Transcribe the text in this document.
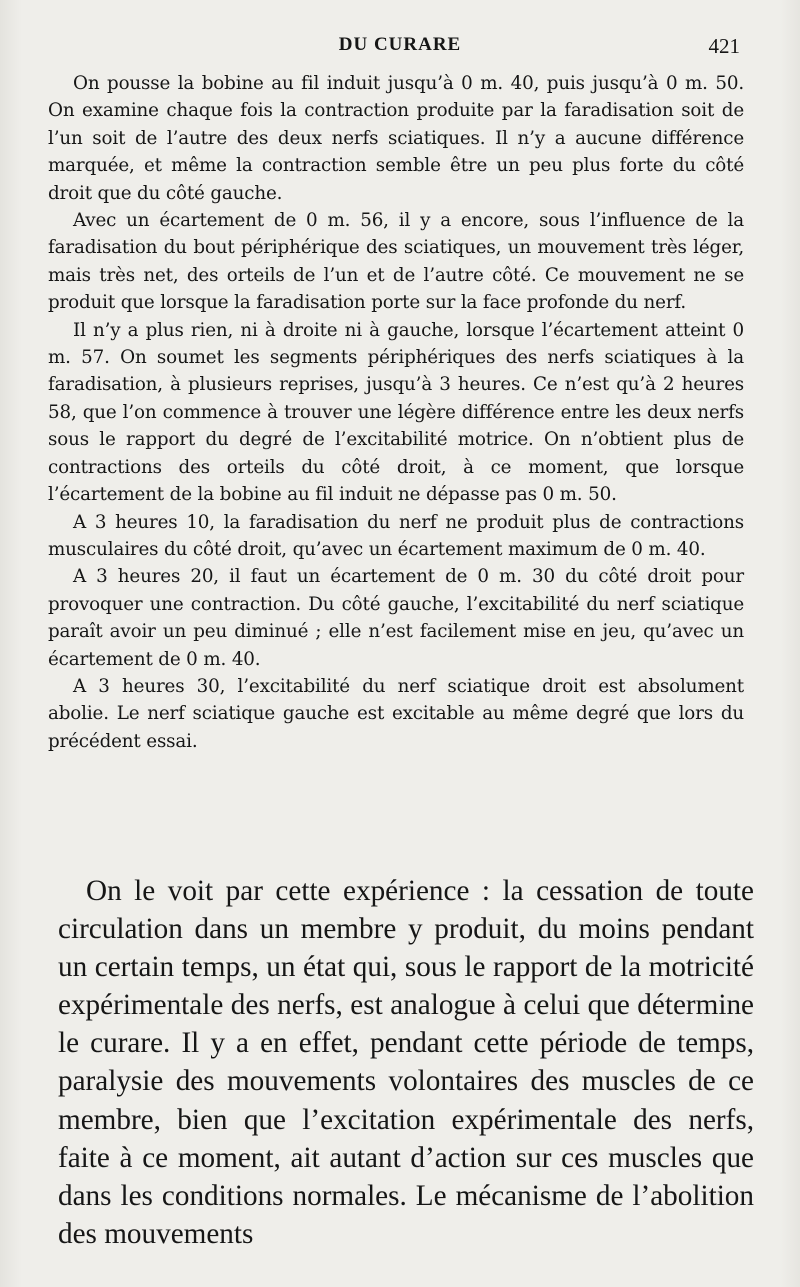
DU CURARE	421

On pousse la bobine au fil induit jusqu’à 0 m. 40, puis jusqu’à 0 m. 50. On examine chaque fois la contraction produite par la faradisation soit de l’un soit de l’autre des deux nerfs sciatiques. Il n’y a aucune différence marquée, et même la contraction semble être un peu plus forte du côté droit que du côté gauche.

Avec un écartement de 0 m. 56, il y a encore, sous l’influence de la faradisation du bout périphérique des sciatiques, un mouvement très léger, mais très net, des orteils de l’un et de l’autre côté. Ce mouvement ne se produit que lorsque la faradisation porte sur la face profonde du nerf.

Il n’y a plus rien, ni à droite ni à gauche, lorsque l’écartement atteint 0 m. 57. On soumet les segments périphériques des nerfs sciatiques à la faradisation, à plusieurs reprises, jusqu’à 3 heures. Ce n’est qu’à 2 heures 58, que l’on commence à trouver une légère différence entre les deux nerfs sous le rapport du degré de l’excitabilité motrice. On n’obtient plus de contractions des orteils du côté droit, à ce moment, que lorsque l’écartement de la bobine au fil induit ne dépasse pas 0 m. 50.

A 3 heures 10, la faradisation du nerf ne produit plus de contractions musculaires du côté droit, qu’avec un écartement maximum de 0 m. 40.

A 3 heures 20, il faut un écartement de 0 m. 30 du côté droit pour provoquer une contraction. Du côté gauche, l’excitabilité du nerf sciatique paraît avoir un peu diminué ; elle n’est facilement mise en jeu, qu’avec un écartement de 0 m. 40.

A 3 heures 30, l’excitabilité du nerf sciatique droit est absolument abolie. Le nerf sciatique gauche est excitable au même degré que lors du précédent essai.

On le voit par cette expérience : la cessation de toute circulation dans un membre y produit, du moins pendant un certain temps, un état qui, sous le rapport de la motricité expérimentale des nerfs, est analogue à celui que détermine le curare. Il y a en effet, pendant cette période de temps, paralysie des mouvements volontaires des muscles de ce membre, bien que l’excitation expérimentale des nerfs, faite à ce moment, ait autant d’action sur ces muscles que dans les conditions normales. Le mécanisme de l’abolition des mouvements
